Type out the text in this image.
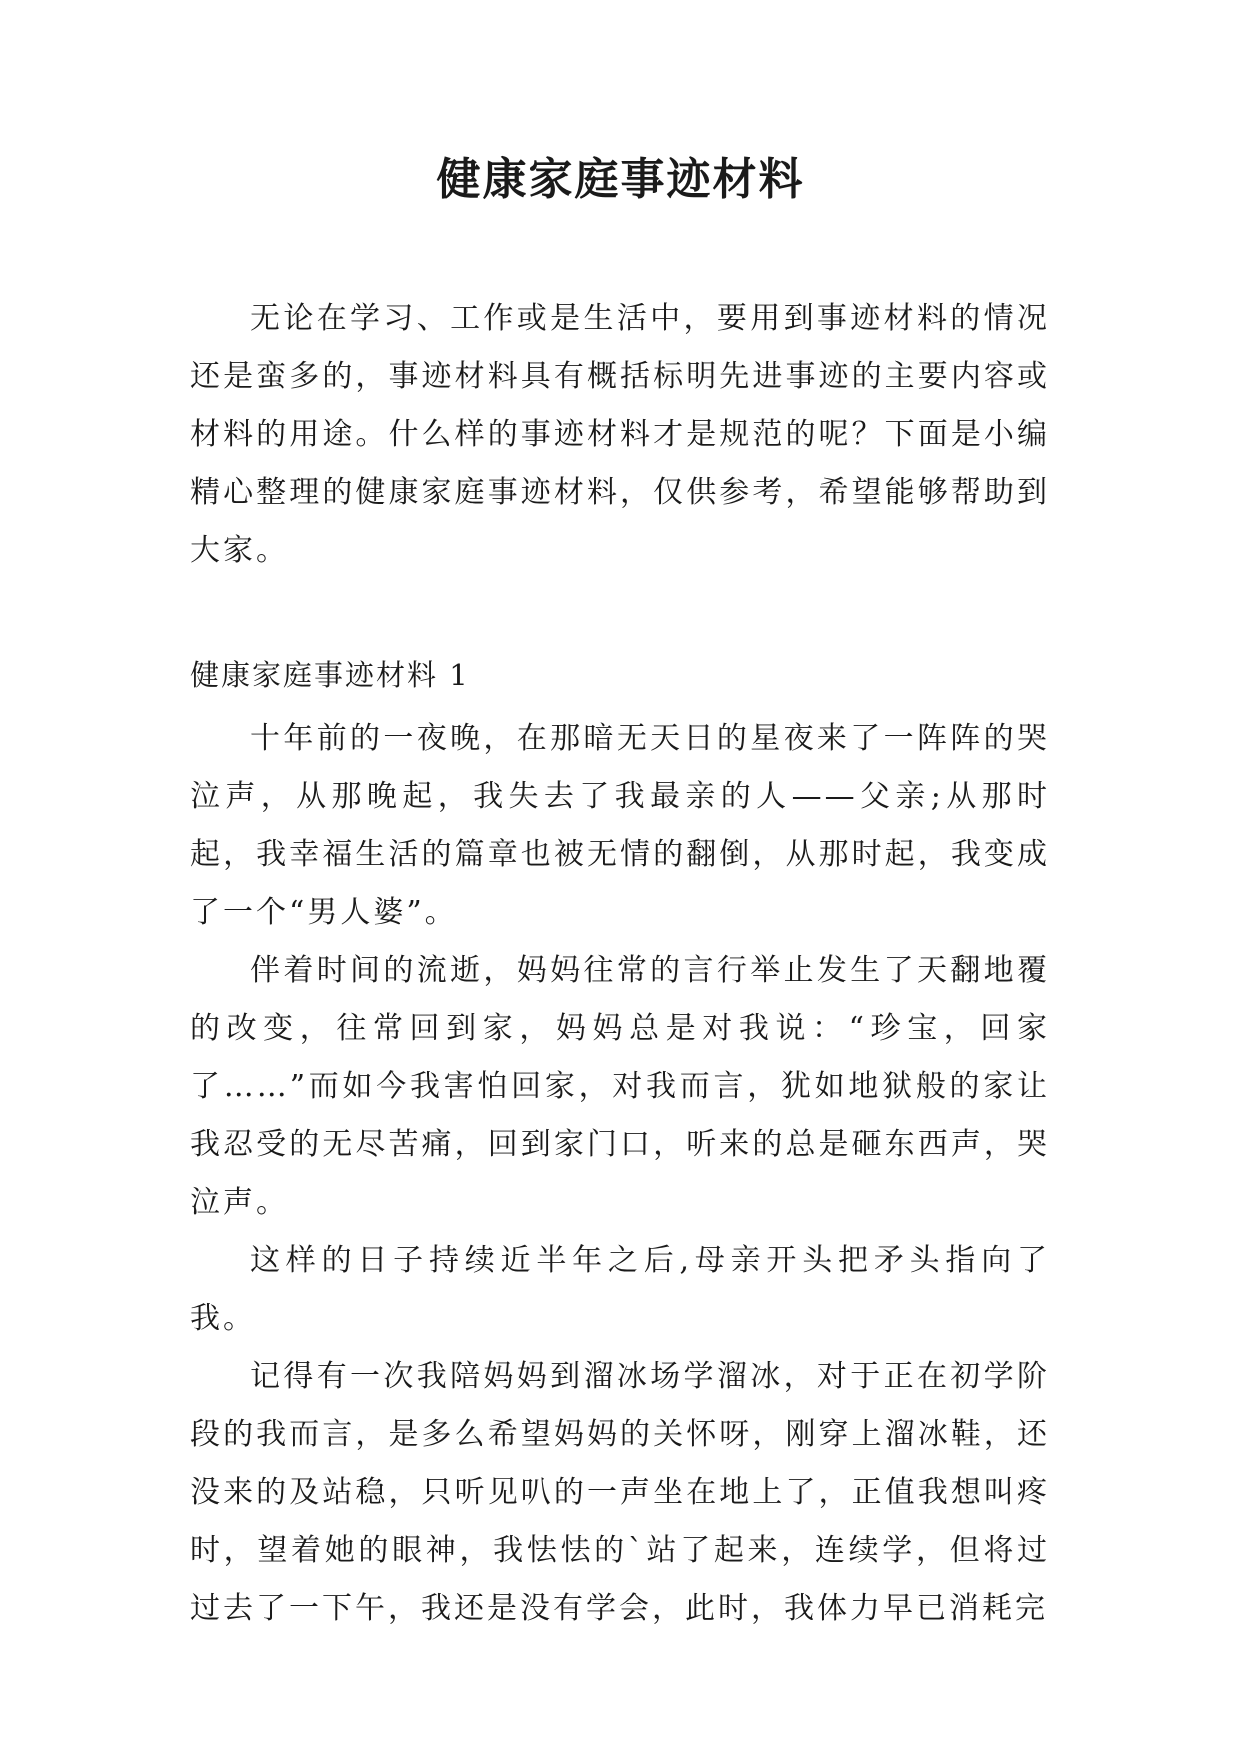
健康家庭事迹材料

无论在学习、工作或是生活中，要用到事迹材料的情况还是蛮多的，事迹材料具有概括标明先进事迹的主要内容或材料的用途。什么样的事迹材料才是规范的呢？下面是小编精心整理的健康家庭事迹材料，仅供参考，希望能够帮助到大家。

健康家庭事迹材料 1

十年前的一夜晚，在那暗无天日的星夜来了一阵阵的哭泣声，从那晚起，我失去了我最亲的人——父亲;从那时起，我幸福生活的篇章也被无情的翻倒，从那时起，我变成了一个“男人婆”。

伴着时间的流逝，妈妈往常的言行举止发生了天翻地覆的改变，往常回到家，妈妈总是对我说：“珍宝，回家了……”而如今我害怕回家，对我而言，犹如地狱般的家让我忍受的无尽苦痛，回到家门口，听来的总是砸东西声，哭泣声。

这样的日子持续近半年之后,母亲开头把矛头指向了我。

记得有一次我陪妈妈到溜冰场学溜冰，对于正在初学阶段的我而言，是多么希望妈妈的关怀呀，刚穿上溜冰鞋，还没来的及站稳，只听见叭的一声坐在地上了，正值我想叫疼时，望着她的眼神，我怯怯的`站了起来，连续学，但将过过去了一下午，我还是没有学会，此时，我体力早已消耗完
